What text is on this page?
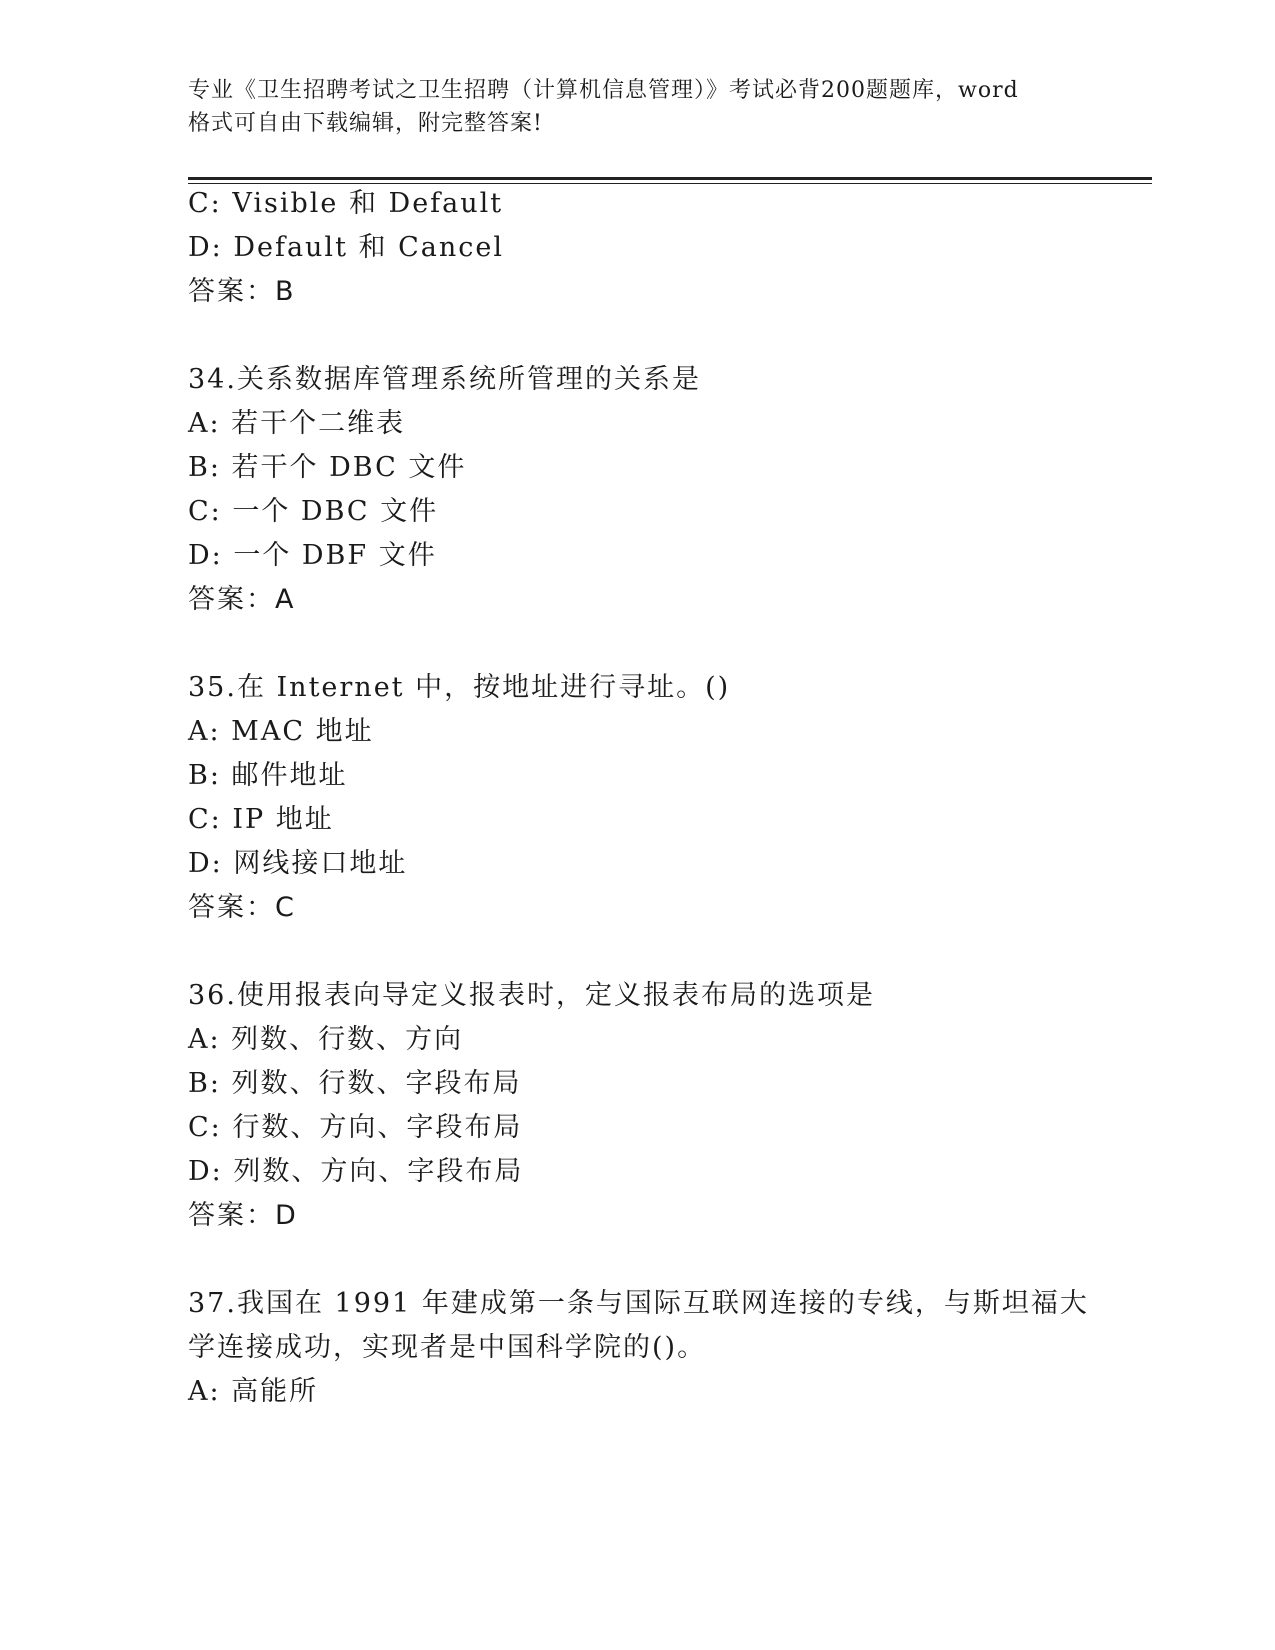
专业《卫生招聘考试之卫生招聘（计算机信息管理）》考试必背200题题库，word
格式可自由下载编辑，附完整答案!
C: Visible 和 Default
D: Default 和 Cancel
答案：B
34.关系数据库管理系统所管理的关系是
A: 若干个二维表
B: 若干个 DBC 文件
C: 一个 DBC 文件
D: 一个 DBF 文件
答案：A
35.在 Internet 中，按地址进行寻址。()
A: MAC 地址
B: 邮件地址
C: IP 地址
D: 网线接口地址
答案：C
36.使用报表向导定义报表时，定义报表布局的选项是
A: 列数、行数、方向
B: 列数、行数、字段布局
C: 行数、方向、字段布局
D: 列数、方向、字段布局
答案：D
37.我国在 1991 年建成第一条与国际互联网连接的专线，与斯坦福大
学连接成功，实现者是中国科学院的()。
A: 高能所
